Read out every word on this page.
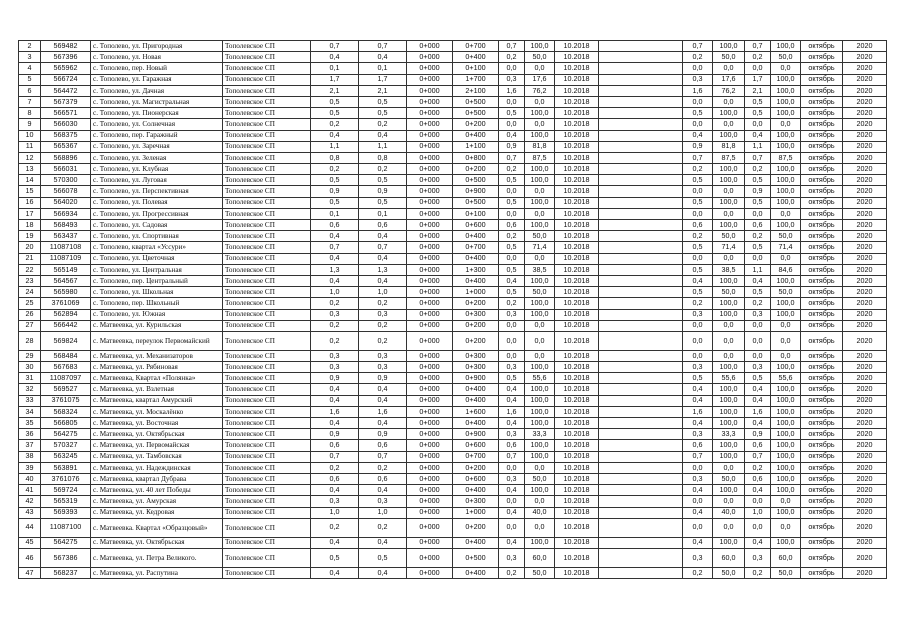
2	569482	с. Тополево, ул. Пригородная	Тополевское СП	0,7	0,7	0+000	0+700	0,7	100,0	10.2018		0,7	100,0	0,7	100,0	октябрь	2020
3	567396	с. Тополево, ул. Новая	Тополевское СП	0,4	0,4	0+000	0+400	0,2	50,0	10.2018		0,2	50,0	0,2	50,0	октябрь	2020
4	565962	с. Тополево, пер. Новый	Тополевское СП	0,1	0,1	0+000	0+100	0,0	0,0	10.2018		0,0	0,0	0,0	0,0	октябрь	2020
5	566724	с. Тополево, ул. Гаражная	Тополевское СП	1,7	1,7	0+000	1+700	0,3	17,6	10.2018		0,3	17,6	1,7	100,0	октябрь	2020
6	564472	с. Тополево, ул. Дачная	Тополевское СП	2,1	2,1	0+000	2+100	1,6	76,2	10.2018		1,6	76,2	2,1	100,0	октябрь	2020
7	567379	с. Тополево, ул. Магистральная	Тополевское СП	0,5	0,5	0+000	0+500	0,0	0,0	10.2018		0,0	0,0	0,5	100,0	октябрь	2020
8	566571	с. Тополево, ул. Пионерская	Тополевское СП	0,5	0,5	0+000	0+500	0,5	100,0	10.2018		0,5	100,0	0,5	100,0	октябрь	2020
9	566030	с. Тополево, ул. Солнечная	Тополевское СП	0,2	0,2	0+000	0+200	0,0	0,0	10.2018		0,0	0,0	0,0	0,0	октябрь	2020
10	568375	с. Тополево, пер. Гаражный	Тополевское СП	0,4	0,4	0+000	0+400	0,4	100,0	10.2018		0,4	100,0	0,4	100,0	октябрь	2020
11	565367	с. Тополево, ул. Заречная	Тополевское СП	1,1	1,1	0+000	1+100	0,9	81,8	10.2018		0,9	81,8	1,1	100,0	октябрь	2020
12	568896	с. Тополево, ул. Зеленая	Тополевское СП	0,8	0,8	0+000	0+800	0,7	87,5	10.2018		0,7	87,5	0,7	87,5	октябрь	2020
13	566031	с. Тополево, ул. Клубная	Тополевское СП	0,2	0,2	0+000	0+200	0,2	100,0	10.2018		0,2	100,0	0,2	100,0	октябрь	2020
14	570300	с. Тополево, ул. Луговая	Тополевское СП	0,5	0,5	0+000	0+500	0,5	100,0	10.2018		0,5	100,0	0,5	100,0	октябрь	2020
15	566078	с. Тополево, ул. Перспективная	Тополевское СП	0,9	0,9	0+000	0+900	0,0	0,0	10.2018		0,0	0,0	0,9	100,0	октябрь	2020
16	564020	с. Тополево, ул. Полевая	Тополевское СП	0,5	0,5	0+000	0+500	0,5	100,0	10.2018		0,5	100,0	0,5	100,0	октябрь	2020
17	566934	с. Тополево, ул. Прогрессивная	Тополевское СП	0,1	0,1	0+000	0+100	0,0	0,0	10.2018		0,0	0,0	0,0	0,0	октябрь	2020
18	568493	с. Тополево, ул. Садовая	Тополевское СП	0,6	0,6	0+000	0+600	0,6	100,0	10.2018		0,6	100,0	0,6	100,0	октябрь	2020
19	563437	с. Тополево, ул. Спортивная	Тополевское СП	0,4	0,4	0+000	0+400	0,2	50,0	10.2018		0,2	50,0	0,2	50,0	октябрь	2020
20	11087108	с. Тополево, квартал «Уссури»	Тополевское СП	0,7	0,7	0+000	0+700	0,5	71,4	10.2018		0,5	71,4	0,5	71,4	октябрь	2020
21	11087109	с. Тополево, ул. Цветочная	Тополевское СП	0,4	0,4	0+000	0+400	0,0	0,0	10.2018		0,0	0,0	0,0	0,0	октябрь	2020
22	565149	с. Тополево, ул. Центральная	Тополевское СП	1,3	1,3	0+000	1+300	0,5	38,5	10.2018		0,5	38,5	1,1	84,6	октябрь	2020
23	564567	с. Тополево, пер. Центральный	Тополевское СП	0,4	0,4	0+000	0+400	0,4	100,0	10.2018		0,4	100,0	0,4	100,0	октябрь	2020
24	565980	с. Тополево, ул. Школьная	Тополевское СП	1,0	1,0	0+000	1+000	0,5	50,0	10.2018		0,5	50,0	0,5	50,0	октябрь	2020
25	3761069	с. Тополево, пер. Школьный	Тополевское СП	0,2	0,2	0+000	0+200	0,2	100,0	10.2018		0,2	100,0	0,2	100,0	октябрь	2020
26	562894	с. Тополево, ул. Южная	Тополевское СП	0,3	0,3	0+000	0+300	0,3	100,0	10.2018		0,3	100,0	0,3	100,0	октябрь	2020
27	566442	с. Матвеевка, ул. Курильская	Тополевское СП	0,2	0,2	0+000	0+200	0,0	0,0	10.2018		0,0	0,0	0,0	0,0	октябрь	2020
28	569824	с. Матвеевка, переулок Первомайский	Тополевское СП	0,2	0,2	0+000	0+200	0,0	0,0	10.2018		0,0	0,0	0,0	0,0	октябрь	2020
29	568484	с. Матвеевка, ул. Механизаторов	Тополевское СП	0,3	0,3	0+000	0+300	0,0	0,0	10.2018		0,0	0,0	0,0	0,0	октябрь	2020
30	567683	с. Матвеевка, ул. Рябиновая	Тополевское СП	0,3	0,3	0+000	0+300	0,3	100,0	10.2018		0,3	100,0	0,3	100,0	октябрь	2020
31	11087097	с. Матвеевка, Квартал «Полянка»	Тополевское СП	0,9	0,9	0+000	0+900	0,5	55,6	10.2018		0,5	55,6	0,5	55,6	октябрь	2020
32	569527	с. Матвеевка, ул. Взлетная	Тополевское СП	0,4	0,4	0+000	0+400	0,4	100,0	10.2018		0,4	100,0	0,4	100,0	октябрь	2020
33	3761075	с. Матвеевка, квартал Амурский	Тополевское СП	0,4	0,4	0+000	0+400	0,4	100,0	10.2018		0,4	100,0	0,4	100,0	октябрь	2020
34	568324	с. Матвеевка, ул. Москалёнко	Тополевское СП	1,6	1,6	0+000	1+600	1,6	100,0	10.2018		1,6	100,0	1,6	100,0	октябрь	2020
35	566805	с. Матвеевка, ул. Восточная	Тополевское СП	0,4	0,4	0+000	0+400	0,4	100,0	10.2018		0,4	100,0	0,4	100,0	октябрь	2020
36	564275	с. Матвеевка, ул. Октябрьская	Тополевское СП	0,9	0,9	0+000	0+900	0,3	33,3	10.2018		0,3	33,3	0,9	100,0	октябрь	2020
37	570327	с. Матвеевка, ул. Первомайская	Тополевское СП	0,6	0,6	0+000	0+600	0,6	100,0	10.2018		0,6	100,0	0,6	100,0	октябрь	2020
38	563245	с. Матвеевка, ул. Тамбовская	Тополевское СП	0,7	0,7	0+000	0+700	0,7	100,0	10.2018		0,7	100,0	0,7	100,0	октябрь	2020
39	563891	с. Матвеевка, ул. Надеждинская	Тополевское СП	0,2	0,2	0+000	0+200	0,0	0,0	10.2018		0,0	0,0	0,2	100,0	октябрь	2020
40	3761076	с. Матвеевка, квартал Дубрава	Тополевское СП	0,6	0,6	0+000	0+600	0,3	50,0	10.2018		0,3	50,0	0,6	100,0	октябрь	2020
41	569724	с. Матвеевка, ул. 40 лет Победы	Тополевское СП	0,4	0,4	0+000	0+400	0,4	100,0	10.2018		0,4	100,0	0,4	100,0	октябрь	2020
42	565319	с. Матвеевка, ул. Амурская	Тополевское СП	0,3	0,3	0+000	0+300	0,0	0,0	10.2018		0,0	0,0	0,0	0,0	октябрь	2020
43	569393	с. Матвеевка, ул. Кедровая	Тополевское СП	1,0	1,0	0+000	1+000	0,4	40,0	10.2018		0,4	40,0	1,0	100,0	октябрь	2020
44	11087100	с. Матвеевка. Квартал «Образцовый»	Тополевское СП	0,2	0,2	0+000	0+200	0,0	0,0	10.2018		0,0	0,0	0,0	0,0	октябрь	2020
45	564275	с. Матвеевка, ул. Октябрьская	Тополевское СП	0,4	0,4	0+000	0+400	0,4	100,0	10.2018		0,4	100,0	0,4	100,0	октябрь	2020
46	567386	с. Матвеевка, ул. Петра Великого.	Тополевское СП	0,5	0,5	0+000	0+500	0,3	60,0	10.2018		0,3	60,0	0,3	60,0	октябрь	2020
47	568237	с. Матвеевка, ул. Распутина	Тополевское СП	0,4	0,4	0+000	0+400	0,2	50,0	10.2018		0,2	50,0	0,2	50,0	октябрь	2020
